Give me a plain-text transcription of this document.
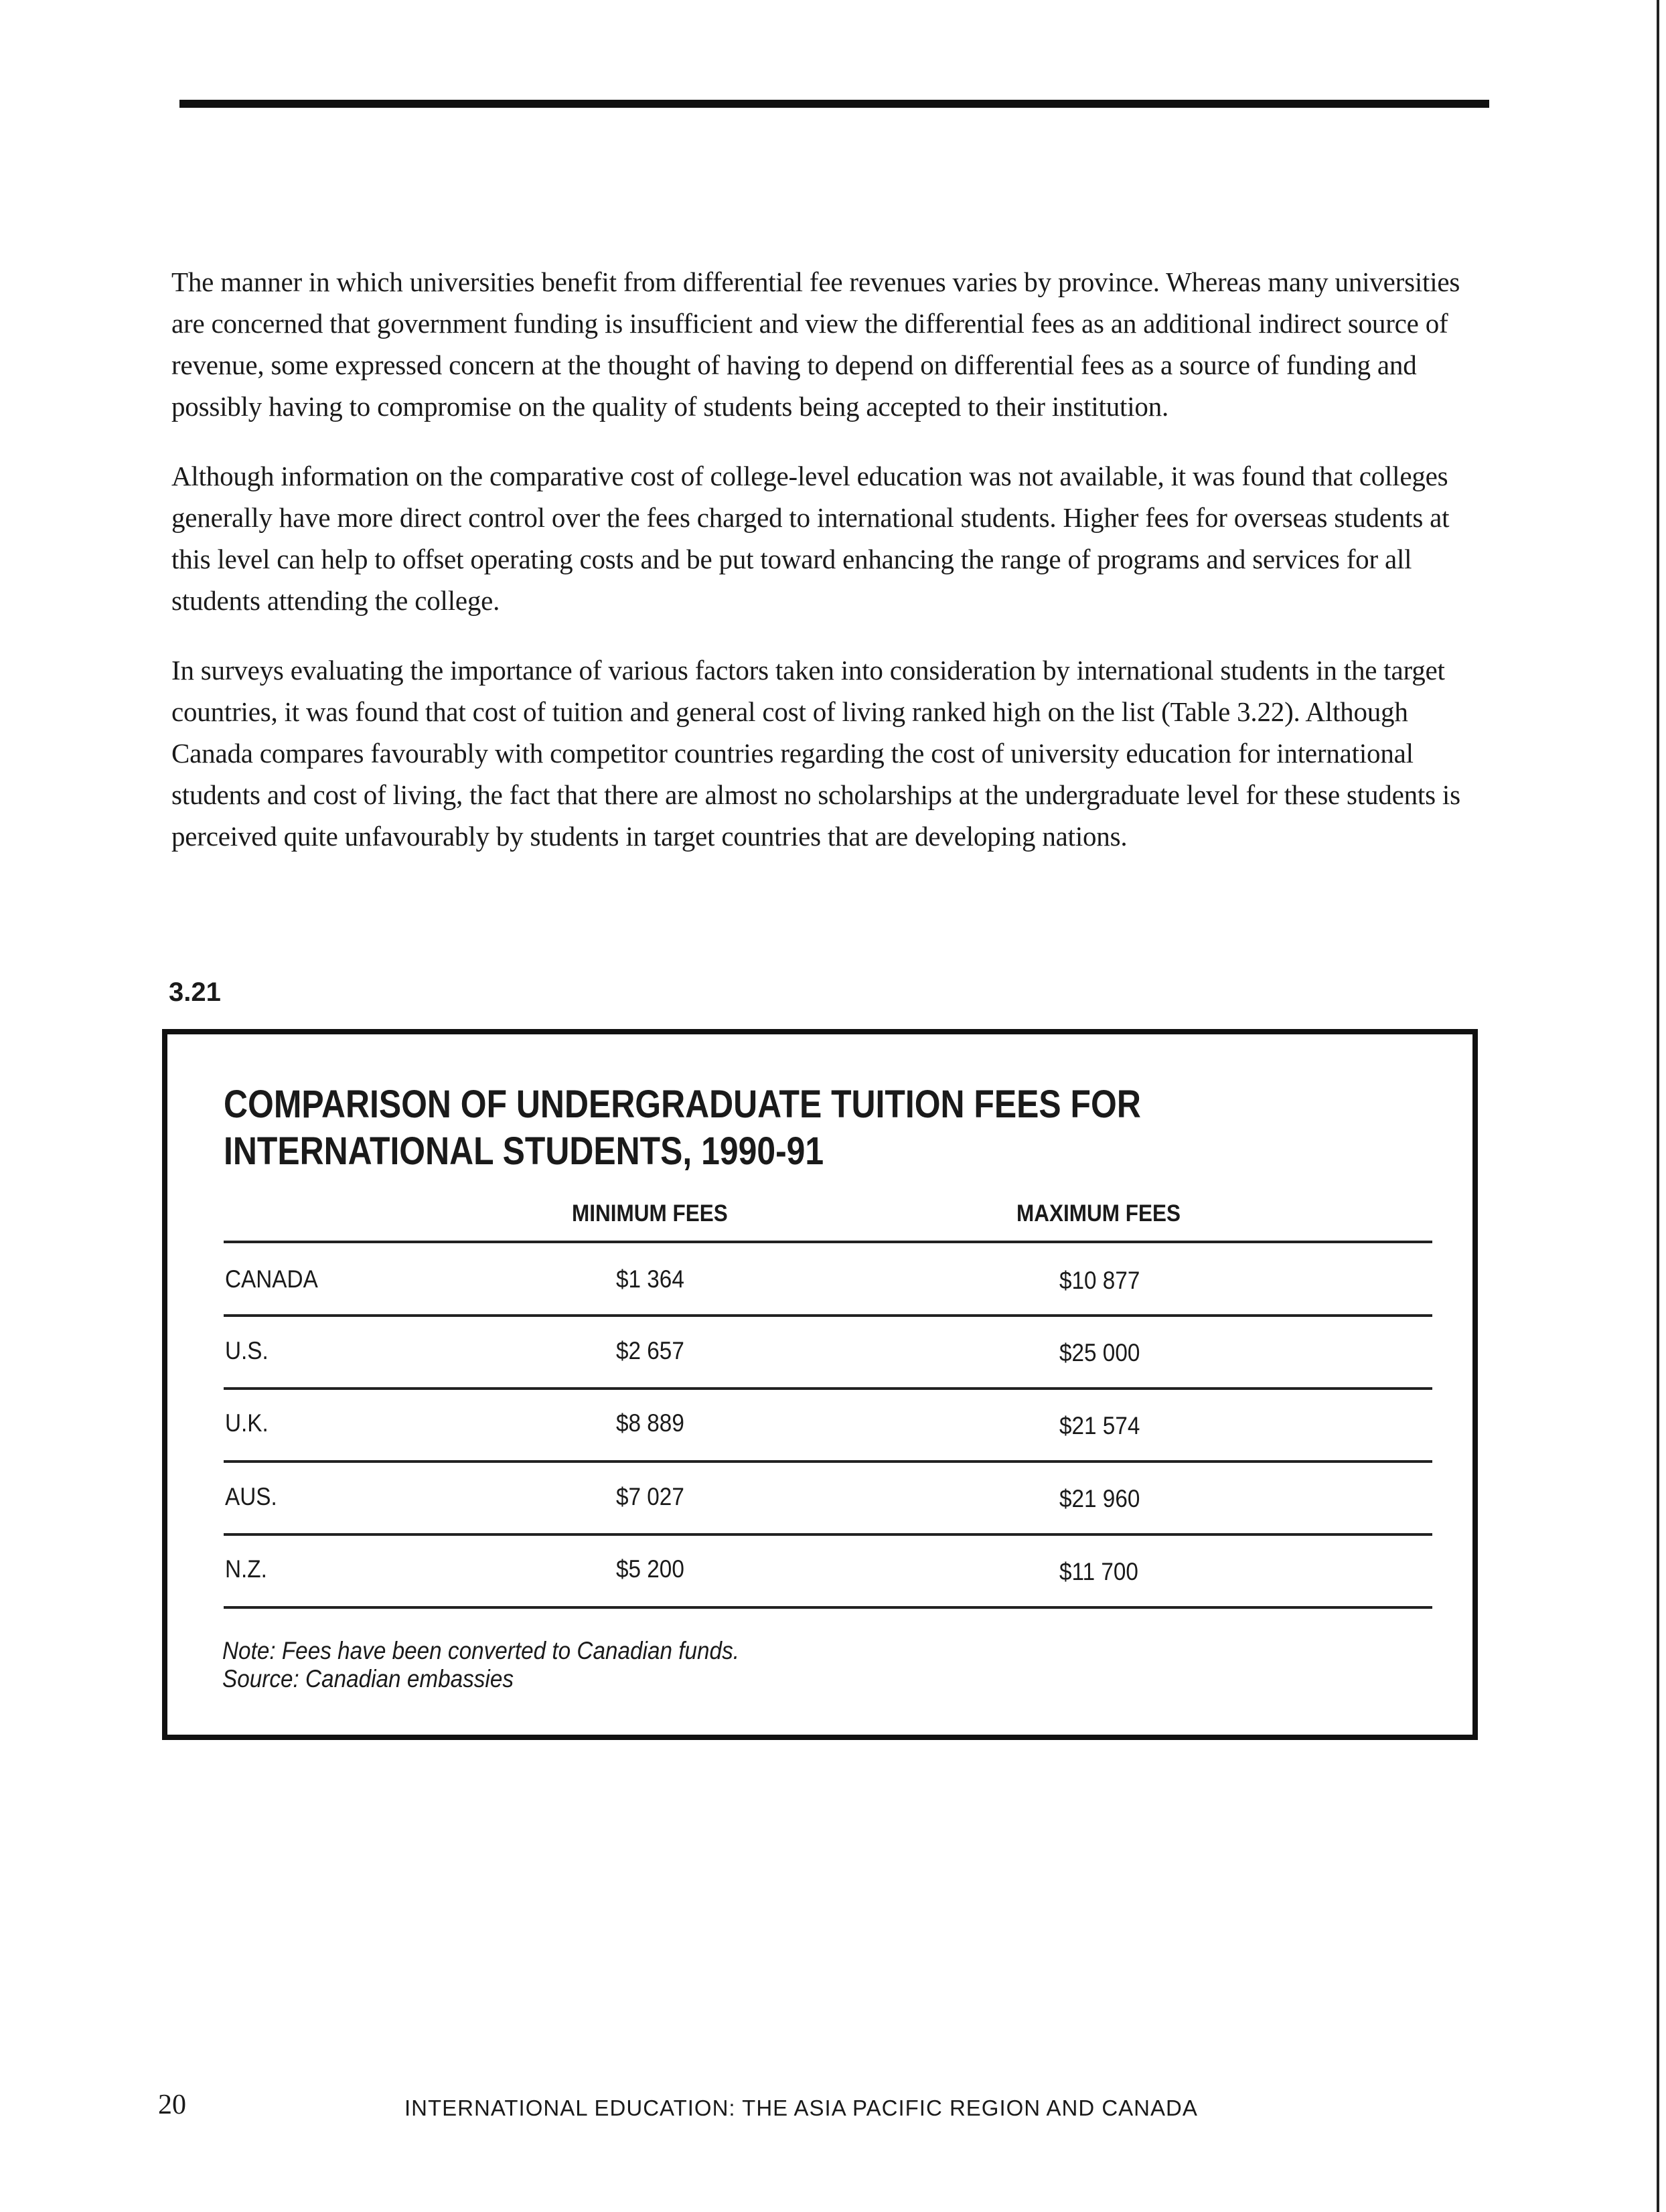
The manner in which universities benefit from differential fee revenues varies by province. Whereas many universities are concerned that government funding is insufficient and view the differential fees as an additional indirect source of revenue, some expressed concern at the thought of having to depend on differential fees as a source of funding and possibly having to compromise on the quality of students being accepted to their institution.

Although information on the comparative cost of college-level education was not available, it was found that colleges generally have more direct control over the fees charged to international students. Higher fees for overseas students at this level can help to offset operating costs and be put toward enhancing the range of programs and services for all students attending the college.

In surveys evaluating the importance of various factors taken into consideration by international students in the target countries, it was found that cost of tuition and general cost of living ranked high on the list (Table 3.22). Although Canada compares favourably with competitor countries regarding the cost of university education for international students and cost of living, the fact that there are almost no scholarships at the undergraduate level for these students is perceived quite unfavourably by students in target countries that are developing nations.

3.21
COMPARISON OF UNDERGRADUATE TUITION FEES FOR INTERNATIONAL STUDENTS, 1990-91
MINIMUM FEES	MAXIMUM FEES
CANADA	$1 364	$10 877
U.S.	$2 657	$25 000
U.K.	$8 889	$21 574
AUS.	$7 027	$21 960
N.Z.	$5 200	$11 700
Note: Fees have been converted to Canadian funds.
Source: Canadian embassies
20	INTERNATIONAL EDUCATION: THE ASIA PACIFIC REGION AND CANADA
